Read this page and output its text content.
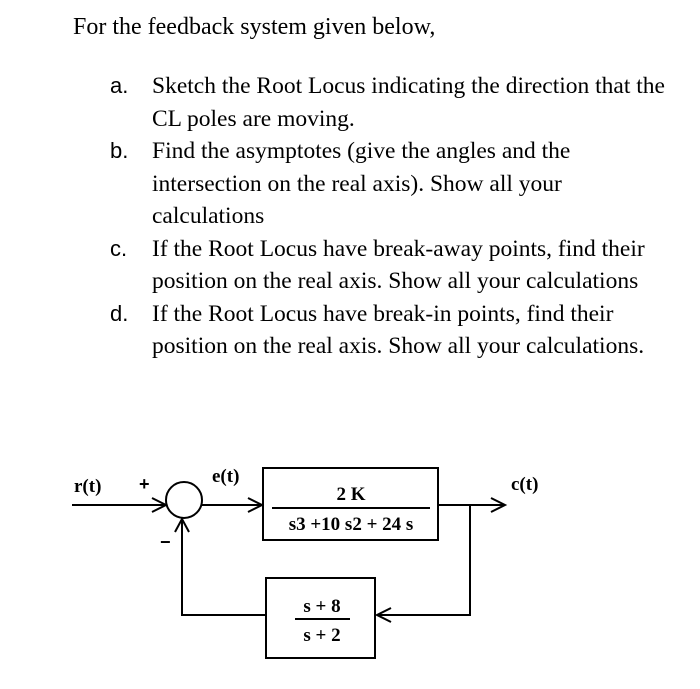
For the feedback system given below,
a.	Sketch the Root Locus indicating the direction that the CL poles are moving.
b.	Find the asymptotes (give the angles and the intersection on the real axis). Show all your calculations
c.	If the Root Locus have break-away points, find their position on the real axis. Show all your calculations
d.	If the Root Locus have break-in points, find their position on the real axis. Show all your calculations.
r(t) +
−
e(t)	c(t)
2 K
s3 +10 s2 + 24 s
s + 8
s + 2
